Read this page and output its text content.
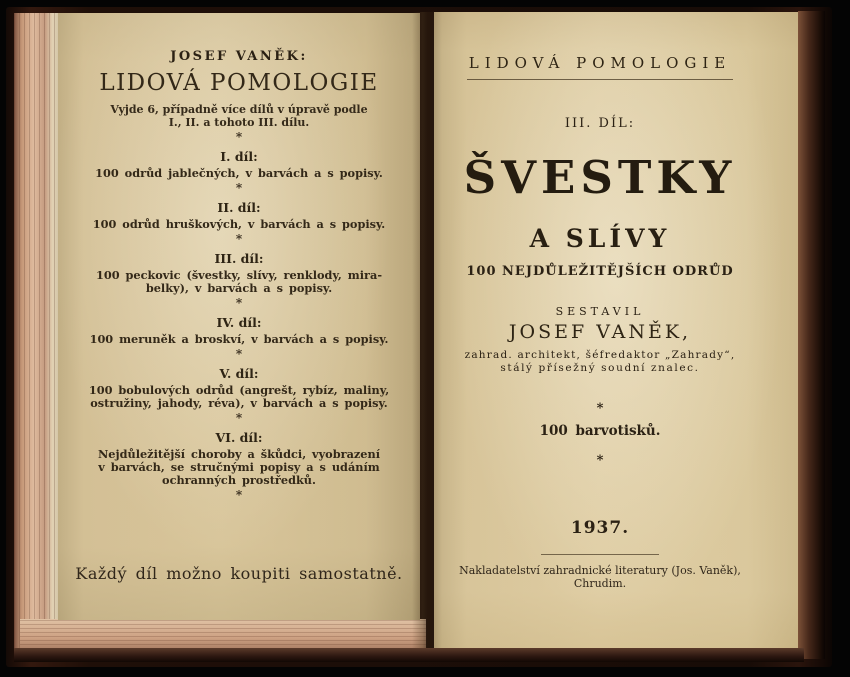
JOSEF VANĚK:
LIDOVÁ POMOLOGIE
Vyjde 6, případně více dílů v úpravě podle
I., II. a tohoto III. dílu.
*
I. díl:
100 odrůd jablečných, v barvách a s popisy.
*
II. díl:
100 odrůd hruškových, v barvách a s popisy.
*
III. díl:
100 peckovic (švestky, slívy, renklody, mira-
belky), v barvách a s popisy.
*
IV. díl:
100 meruněk a broskví, v barvách a s popisy.
*
V. díl:
100 bobulových odrůd (angrešt, rybíz, maliny,
ostružiny, jahody, réva), v barvách a s popisy.
*
VI. díl:
Nejdůležitější choroby a škůdci, vyobrazení
v barvách, se stručnými popisy a s udáním
ochranných prostředků.
*
Každý díl možno koupiti samostatně.
LIDOVÁ POMOLOGIE
III. DÍL:
ŠVESTKY
A SLÍVY
100 NEJDŮLEŽITĚJŠÍCH ODRŮD
SESTAVIL
JOSEF VANĚK,
zahrad. architekt, šéfredaktor „Zahrady“,
stálý přísežný soudní znalec.
*
100 barvotisků.
*
1937.
Nakladatelství zahradnické literatury (Jos. Vaněk),
Chrudim.
